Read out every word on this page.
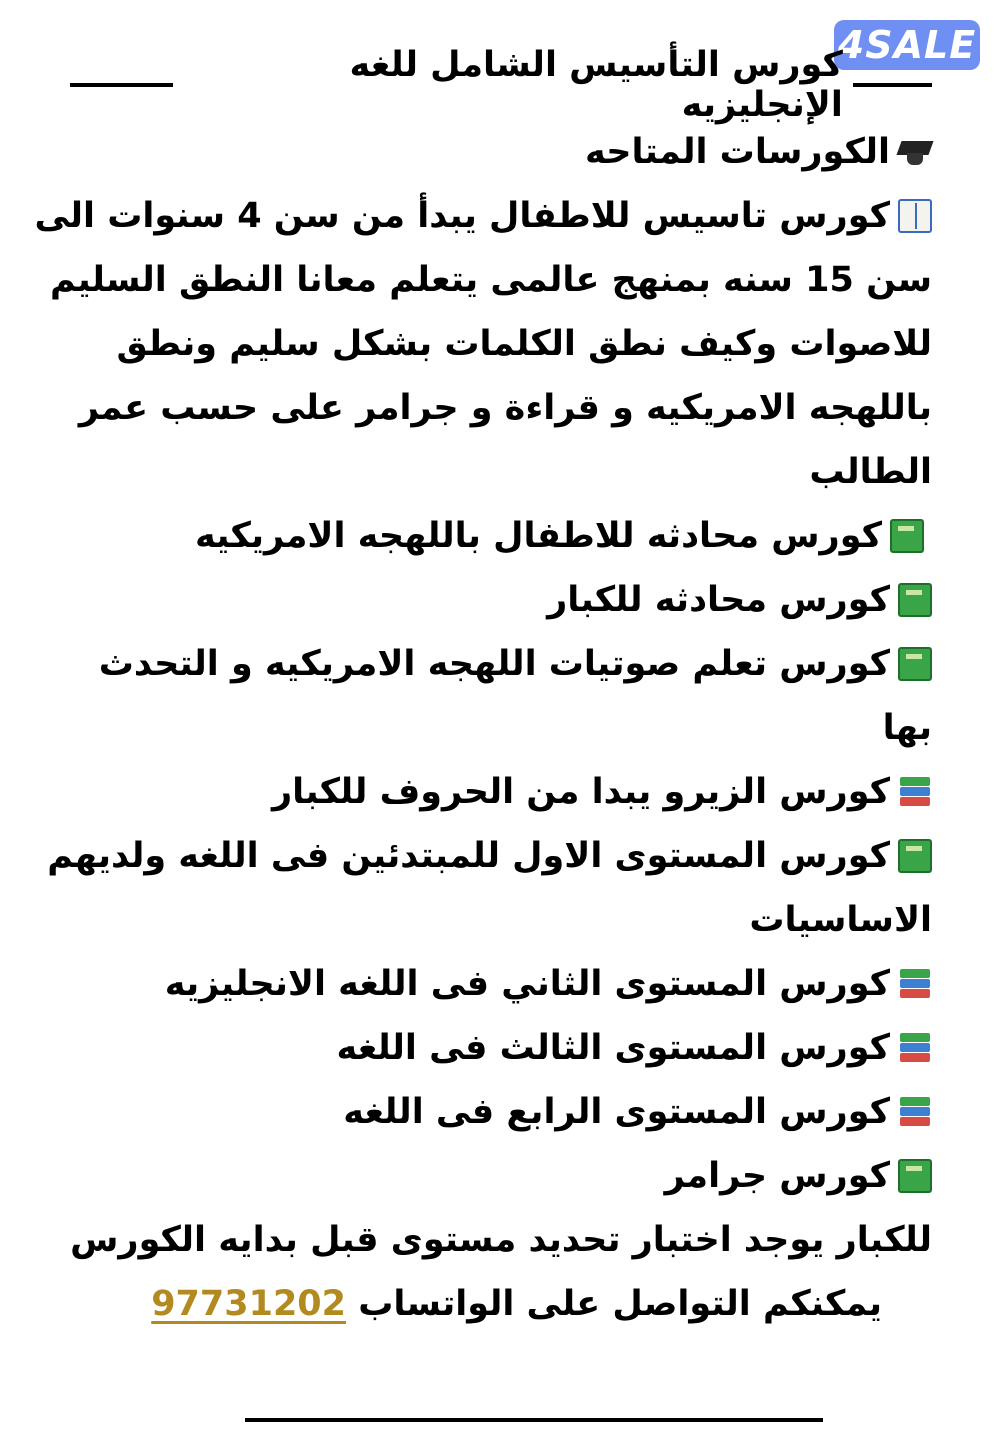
4SALE
كورس التأسيس الشامل للغه الإنجليزيه

الكورسات المتاحه

كورس تاسيس للاطفال يبدأ من سن 4 سنوات الى

سن 15 سنه بمنهج عالمى يتعلم معانا النطق السليم

للاصوات وكيف نطق الكلمات بشكل سليم ونطق

باللهجه الامريكيه و قراءة و جرامر على حسب عمر

الطالب

كورس محادثه للاطفال باللهجه الامريكيه

كورس محادثه للكبار

كورس تعلم صوتيات اللهجه الامريكيه و التحدث

بها

كورس الزيرو يبدا من الحروف للكبار

كورس المستوى الاول للمبتدئين فى اللغه ولديهم

الاساسيات

كورس المستوى الثاني فى اللغه الانجليزيه

كورس المستوى الثالث فى اللغه

كورس المستوى الرابع فى اللغه

كورس جرامر

للكبار يوجد اختبار تحديد مستوى قبل بدايه الكورس

يمكنكم التواصل على الواتساب 97731202
